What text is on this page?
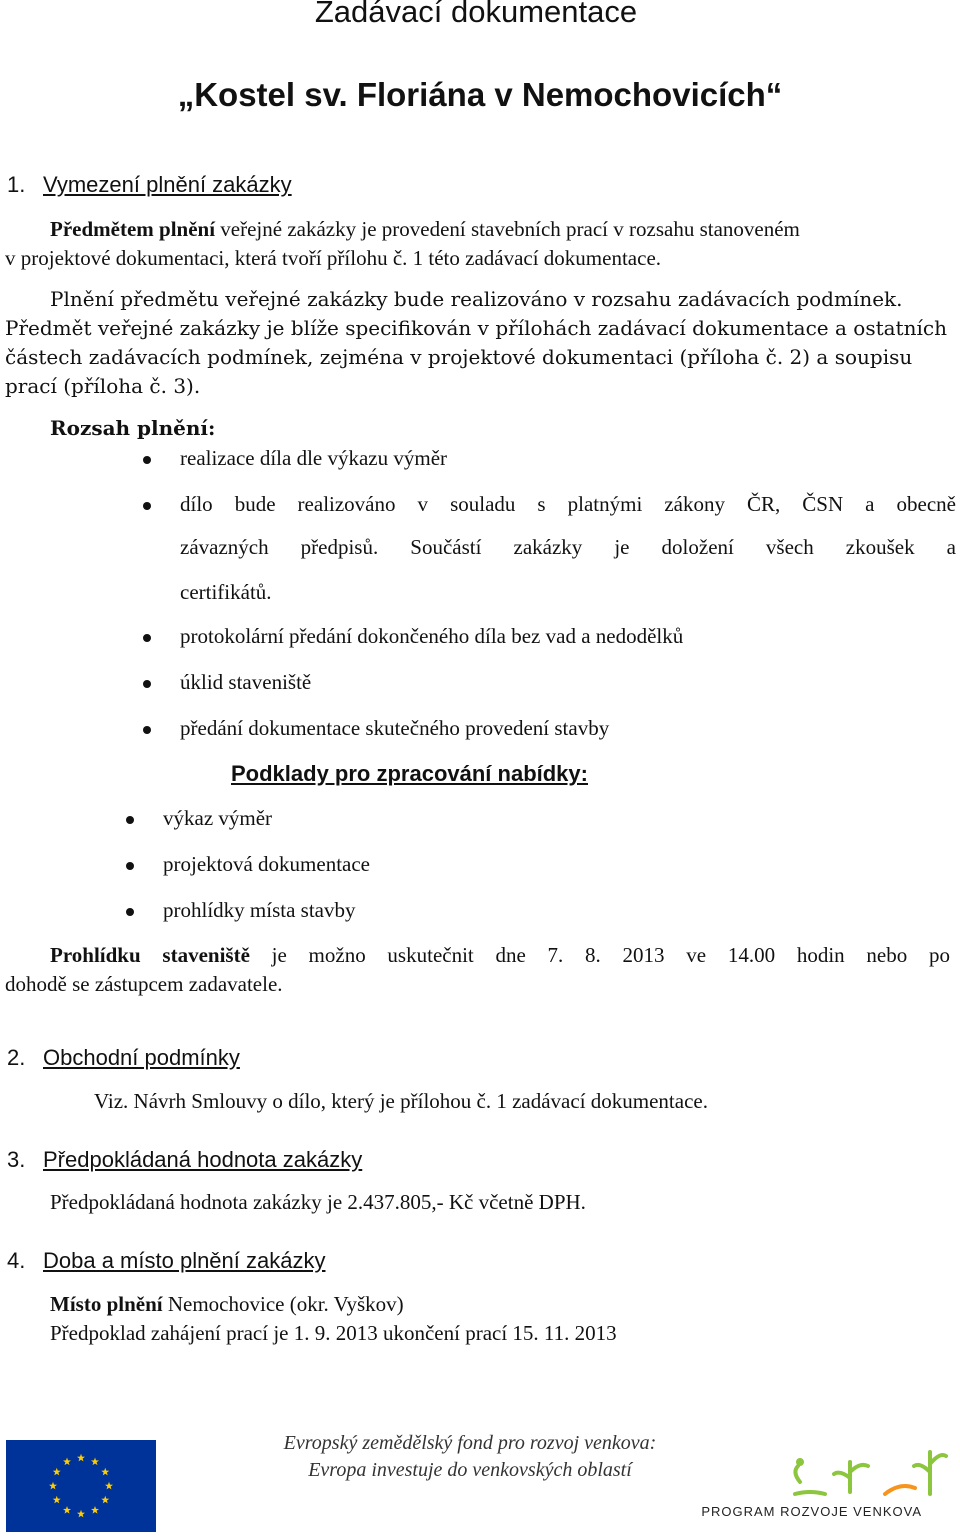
Zadávací dokumentace
„Kostel sv. Floriána v Nemochovicích“
1. Vymezení plnění zakázky
Předmětem plnění veřejné zakázky je provedení stavebních prací v rozsahu stanoveném
v projektové dokumentaci, která tvoří přílohu č. 1 této zadávací dokumentace.
Plnění předmětu veřejné zakázky bude realizováno v rozsahu zadávacích podmínek.
Předmět veřejné zakázky je blíže specifikován v přílohách zadávací dokumentace a ostatních
částech zadávacích podmínek, zejména v projektové dokumentaci (příloha č. 2) a soupisu
prací (příloha č. 3).
Rozsah plnění:
realizace díla dle výkazu výměr
dílo bude realizováno v souladu s platnými zákony ČR, ČSN a obecně
závazných předpisů. Součástí zakázky je doložení všech zkoušek a
certifikátů.
protokolární předání dokončeného díla bez vad a nedodělků
úklid staveniště
předání dokumentace skutečného provedení stavby
Podklady pro zpracování nabídky:
výkaz výměr
projektová dokumentace
prohlídky místa stavby
Prohlídku staveniště je možno uskutečnit dne 7. 8. 2013 ve 14.00 hodin nebo po
dohodě se zástupcem zadavatele.
2. Obchodní podmínky
Viz. Návrh Smlouvy o dílo, který je přílohou č. 1 zadávací dokumentace.
3. Předpokládaná hodnota zakázky
Předpokládaná hodnota zakázky je 2.437.805,- Kč včetně DPH.
4. Doba a místo plnění zakázky
Místo plnění Nemochovice (okr. Vyškov)
Předpoklad zahájení prací je 1. 9. 2013 ukončení prací 15. 11. 2013
Evropský zemědělský fond pro rozvoj venkova:
Evropa investuje do venkovských oblastí
PROGRAM ROZVOJE VENKOVA
